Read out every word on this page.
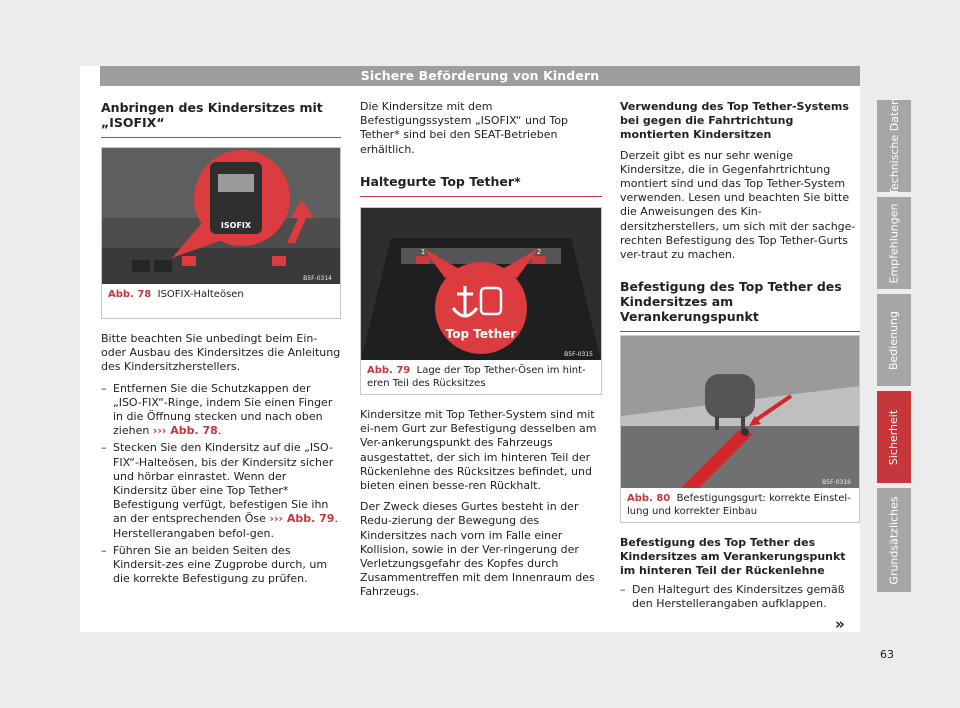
Sichere Beförderung von Kindern
Anbringen des Kindersitzes mit „ISOFIX“
ISOFIX
B5F-0314
Abb. 78 ISOFIX-Halteösen

Bitte beachten Sie unbedingt beim Ein- oder Ausbau des Kindersitzes die Anleitung des Kindersitzherstellers.

– Entfernen Sie die Schutzkappen der „ISO-FIX“-Ringe, indem Sie einen Finger in die Öffnung stecken und nach oben ziehen ››› Abb. 78.
– Stecken Sie den Kindersitz auf die „ISO-FIX“-Halteösen, bis der Kindersitz sicher und hörbar einrastet. Wenn der Kindersitz über eine Top Tether* Befestigung verfügt, befestigen Sie ihn an der entsprechenden Öse ››› Abb. 79. Herstellerangaben befol-gen.
– Führen Sie an beiden Seiten des Kindersit-zes eine Zugprobe durch, um die korrekte Befestigung zu prüfen.

Die Kindersitze mit dem Befestigungssystem „ISOFIX“ und Top Tether* sind bei den SEAT-Betrieben erhältlich.

Haltegurte Top Tether*
1	2
Top Tether
B5F-0315
Abb. 79 Lage der Top Tether-Ösen im hint-eren Teil des Rücksitzes

Kindersitze mit Top Tether-System sind mit ei-nem Gurt zur Befestigung desselben am Ver-ankerungspunkt des Fahrzeugs ausgestattet, der sich im hinteren Teil der Rückenlehne des Rücksitzes befindet, und bieten einen besse-ren Rückhalt.

Der Zweck dieses Gurtes besteht in der Redu-zierung der Bewegung des Kindersitzes nach vorn im Falle einer Kollision, sowie in der Ver-ringerung der Verletzungsgefahr des Kopfes durch Zusammentreffen mit dem Innenraum des Fahrzeugs.

Verwendung des Top Tether-Systems bei gegen die Fahrtrichtung montierten Kindersitzen

Derzeit gibt es nur sehr wenige Kindersitze, die in Gegenfahrtrichtung montiert sind und das Top Tether-System verwenden. Lesen und beachten Sie bitte die Anweisungen des Kin-dersitzherstellers, um sich mit der sachge-rechten Befestigung des Top Tether-Gurts ver-traut zu machen.

Befestigung des Top Tether des Kindersitzes am Verankerungspunkt
B5F-0316
Abb. 80 Befestigungsgurt: korrekte Einstel-lung und korrekter Einbau
Befestigung des Top Tether des Kindersitzes am Verankerungspunkt im hinteren Teil der Rückenlehne
– Den Haltegurt des Kindersitzes gemäß den Herstellerangaben aufklappen.
»
Technische Daten
Empfehlungen
Bedienung
Sicherheit
Grundsätzliches
63
